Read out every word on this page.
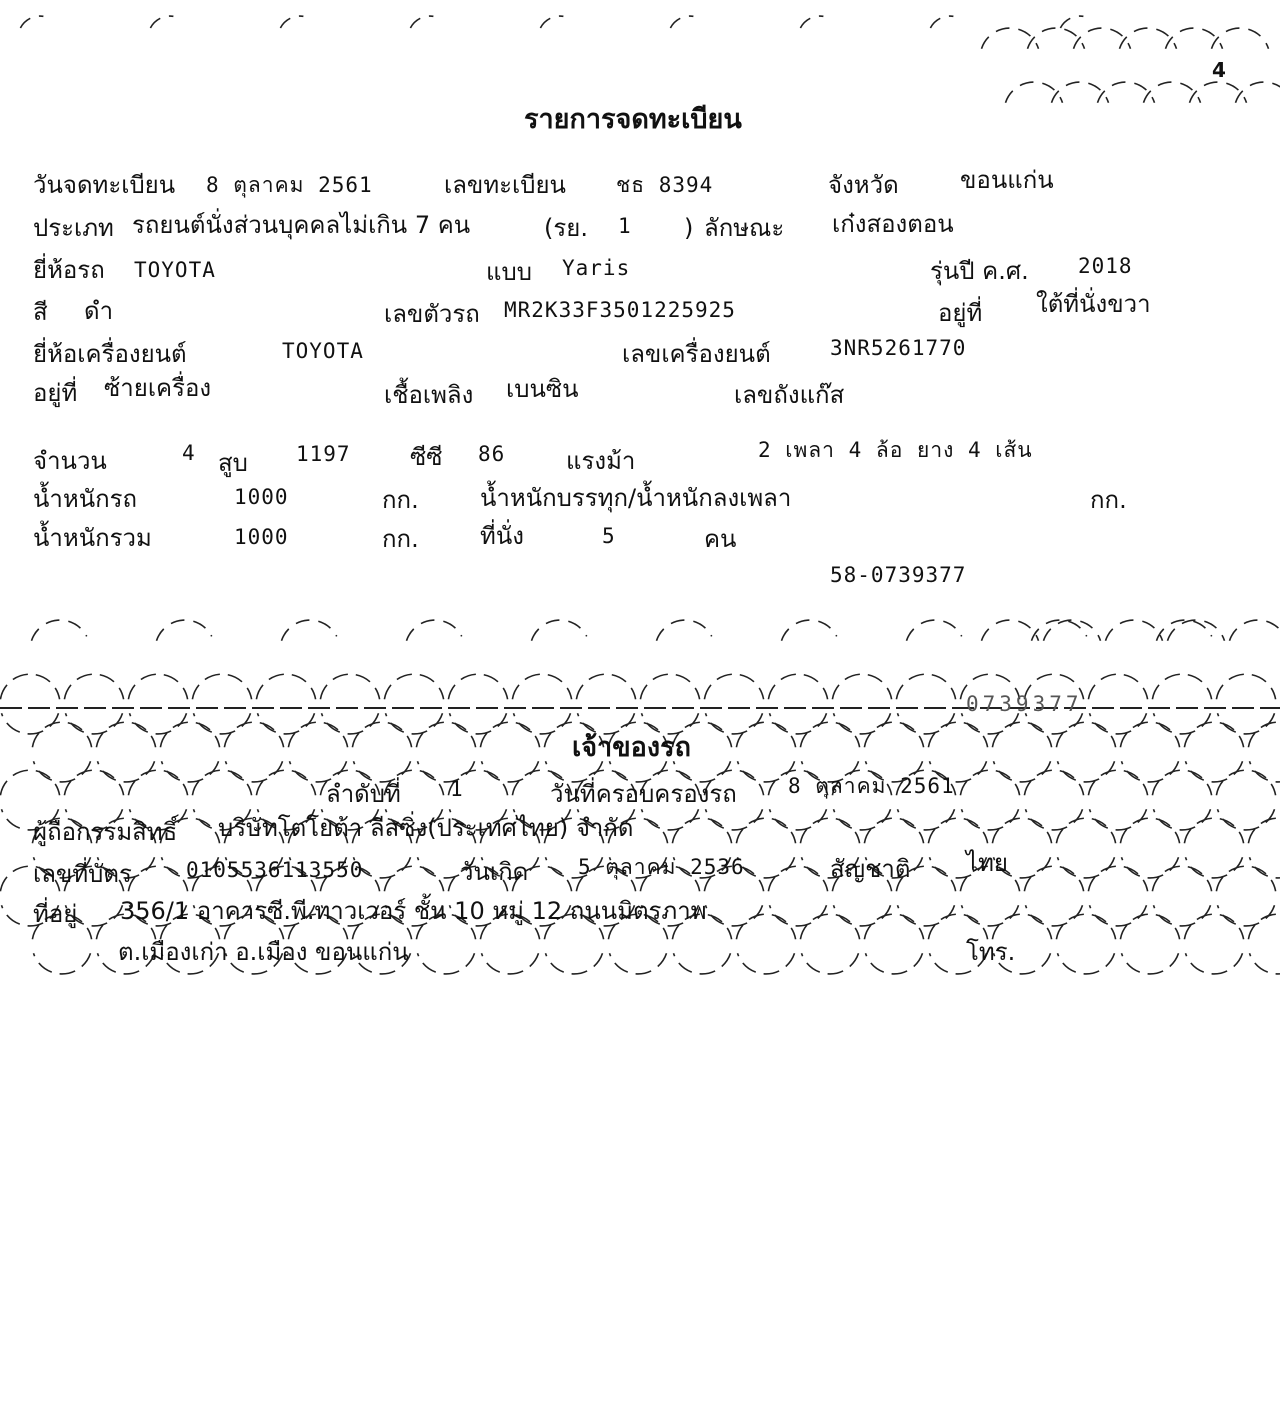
4
รายการจดทะเบียน
วันจดทะเบียน 8 ตุลาคม 2561	เลขทะเบียน ชธ 8394	จังหวัด	ขอนแก่น
ประเภท รถยนต์นั่งส่วนบุคคลไม่เกิน 7 คน	(รย. 1 ) ลักษณะ เก๋งสองตอน
ยี่ห้อรถ TOYOTA	แบบ Yaris	รุ่นปี ค.ศ. 2018
สี ดำ	เลขตัวรถ MR2K33F3501225925	อยู่ที่ ใต้ที่นั่งขวา
ยี่ห้อเครื่องยนต์	TOYOTA	เลขเครื่องยนต์	3NR5261770
อยู่ที่ ซ้ายเครื่อง	เชื้อเพลิง เบนซิน	เลขถังแก๊ส
จำนวน	4 สูบ 1197 ซีซี 86	แรงม้า	2 เพลา 4 ล้อ ยาง 4 เส้น
น้ำหนักรถ	1000	กก.	น้ำหนักบรรทุก/น้ำหนักลงเพลา	กก.
น้ำหนักรวม	1000	กก.	ที่นั่ง	5	คน
58-0739377
0739377
เจ้าของรถ
ลำดับที่ 1	วันที่ครอบครองรถ 8 ตุลาคม 2561
ผู้ถือกรรมสิทธิ์ บริษัทโตโยต้า ลีสซิ่ง(ประเทศไทย) จำกัด
เลขที่บัตร	0105536113550	วันเกิด 5 ตุลาคม 2536	สัญชาติ ไทย
ที่อยู่ 356/1 อาคารซี.พี.ทาวเวอร์ ชั้น 10 หมู่ 12 ถนนมิตรภาพ
ต.เมืองเก่า อ.เมือง ขอนแก่น	โทร.
